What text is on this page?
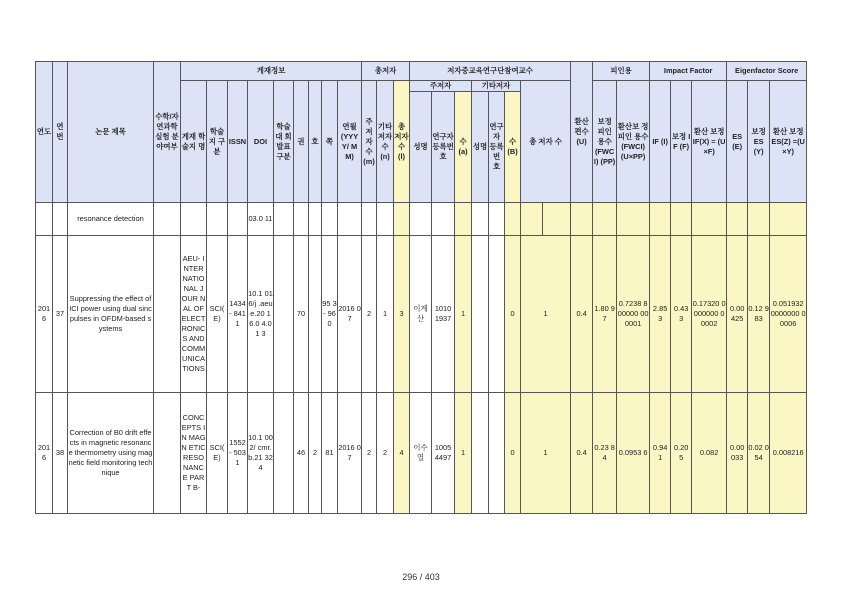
연도	연번	논문 제목	수학/자연과학실험 분야여부	게재정보									총저자			저자중교육연구단참여교수								환산 편수 (U)	피인용		Impact Factor			Eigenfactor Score		
				게재 학술지 명	학술지 구분	ISSN	DOI	학술대 회발표 구분	권	호	쪽	연월 (YYYY/ MM)	주 저자 수 (m)	기타 저자 수 (n)	총 저자 수 (l)	주저자			기타저자			총 저자 수			보정 피인 용수 (FWC I) (PP)	환산보 정피인 용수 (FWCI) (U×PP)	IF (I)	보정 IF (F)	환산 보정 IF(X) = (U×F)	ES (E)	보정 ES (Y)	환산 보정 ES(Z) =(U×Y)
																성명	연구자 등록번 호	수 (a)	성명	연구자 등록번 호	수 (B)											
		resonance detection					03.0 11																									
201 6	37	Suppressing the effect of ICI power using dual sinc pulses in OFDM-based systems		AEU- INTER NATIO NAL JOUR NAL OF ELECT RONIC S AND COMM UNICA TIONS	SCI( E)	1434 - 8411	10.1 016/j .aeu e.20 16.0 4.01 3		70		95 3- 96 0	2016 07	2	1	3	이계 산	1010 1937	1			0	1		0.4	1.80 97	0.7238 800000 000001	2.85 3	0.43 3	0.17320 0000000 00002	0.00 425	0.12 983	0.051932 0000000 00006
201 6	38	Correction of B0 drift effects in magnetic resonance thermometry using magnetic field monitoring technique		CONC EPTS IN MAGN ETIC RESO NANC E PART B-	SCI( E)	1552 - 5031	10.1 002/ cmr. b.21 324		46	2	81	2016 07	2	2	4	이수 열	1005 4497	1			0	1		0.4	0.23 84	0.0953 6	0.94 1	0.20 5	0.082	0.00 033	0.02 054	0.008216
296 / 403
